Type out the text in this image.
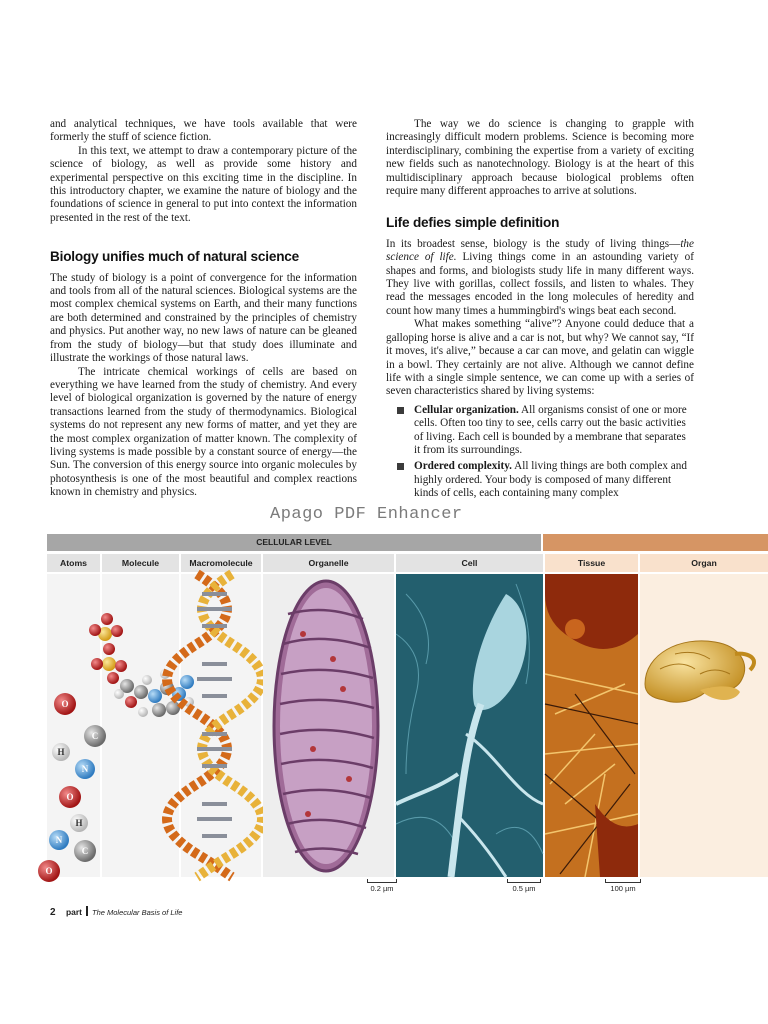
and analytical techniques, we have tools available that were formerly the stuff of science fiction.

In this text, we attempt to draw a contemporary picture of the science of biology, as well as provide some history and experimental perspective on this exciting time in the discipline. In this introductory chapter, we examine the nature of biology and the foundations of science in general to put into context the information presented in the rest of the text.

Biology unifies much of natural science

The study of biology is a point of convergence for the information and tools from all of the natural sciences. Biological systems are the most complex chemical systems on Earth, and their many functions are both determined and constrained by the principles of chemistry and physics. Put another way, no new laws of nature can be gleaned from the study of biology—but that study does illuminate and illustrate the workings of those natural laws.

The intricate chemical workings of cells are based on everything we have learned from the study of chemistry. And every level of biological organization is governed by the nature of energy transactions learned from the study of thermodynamics. Biological systems do not represent any new forms of matter, and yet they are the most complex organization of matter known. The complexity of living systems is made possible by a constant source of energy—the Sun. The conversion of this energy source into organic molecules by photosynthesis is one of the most beautiful and complex reactions known in chemistry and physics.

The way we do science is changing to grapple with increasingly difficult modern problems. Science is becoming more interdisciplinary, combining the expertise from a variety of exciting new fields such as nanotechnology. Biology is at the heart of this multidisciplinary approach because biological problems often require many different approaches to arrive at solutions.

Life defies simple definition

In its broadest sense, biology is the study of living things—the science of life. Living things come in an astounding variety of shapes and forms, and biologists study life in many different ways. They live with gorillas, collect fossils, and listen to whales. They read the messages encoded in the long molecules of heredity and count how many times a hummingbird's wings beat each second.

What makes something “alive”? Anyone could deduce that a galloping horse is alive and a car is not, but why? We cannot say, “If it moves, it's alive,” because a car can move, and gelatin can wiggle in a bowl. They certainly are not alive. Although we cannot define life with a single simple sentence, we can come up with a series of seven characteristics shared by living systems:

Cellular organization. All organisms consist of one or more cells. Often too tiny to see, cells carry out the basic activities of living. Each cell is bounded by a membrane that separates it from its surroundings.
Ordered complexity. All living things are both complex and highly ordered. Your body is composed of many different kinds of cells, each containing many complex
Apago PDF Enhancer
CELLULAR LEVEL
Atoms	Molecule	Macromolecule	Organelle	Cell	Tissue	Organ
O
C
H
N
O
H
N
C
O
0.2 µm	0.5 µm	100 µm
2 part The Molecular Basis of Life
